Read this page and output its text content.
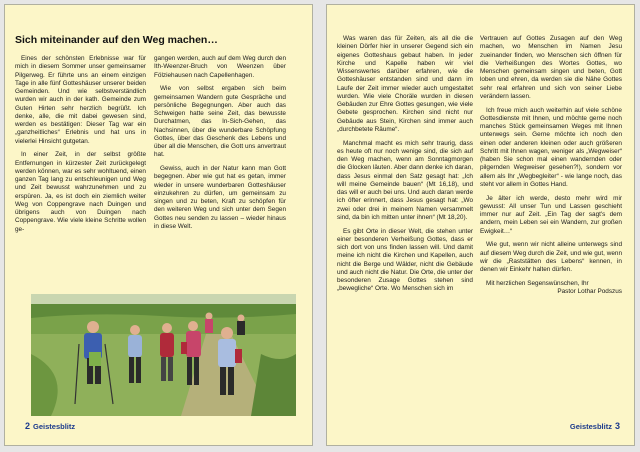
Sich miteinander auf den Weg machen…

Eines der schönsten Erlebnisse war für mich in diesem Sommer unser gemeinsamer Pilgerweg. Er führte uns an einem einzigen Tage in alle fünf Gotteshäuser unserer beiden Gemeinden. Und wie selbstverständlich wurden wir auch in der kath. Gemeinde zum Guten Hirten sehr herzlich begrüßt. Ich denke, alle, die mit dabei gewesen sind, werden es bestätigen: Dieser Tag war ein „ganzheitliches“ Erlebnis und hat uns in vielerlei Hinsicht gutgetan.

In einer Zeit, in der selbst größte Entfernungen in kürzester Zeit zurückgelegt werden können, war es sehr wohltuend, einen ganzen Tag lang zu entschleunigen und Weg und Zeit bewusst wahrzunehmen und zu erspüren. Ja, es ist doch ein ziemlich weiter Weg von Coppengrave nach Duingen und übrigens auch von Duingen nach Coppengrave. Wie viele kleine Schritte wollen ge-

gangen werden, auch auf dem Weg durch den Ith-Weenzer-Bruch von Weenzen über Fölziehausen nach Capellenhagen.

Wie von selbst ergaben sich beim gemeinsamen Wandern gute Gespräche und persönliche Begegnungen. Aber auch das Schweigen hatte seine Zeit, das bewusste Durchatmen, das In-Sich-Gehen, das Nachsinnen, über die wunderbare Schöpfung Gottes, über das Geschenk des Lebens und über all die Menschen, die Gott uns anvertraut hat.

Gewiss, auch in der Natur kann man Gott begegnen. Aber wie gut hat es getan, immer wieder in unsere wunderbaren Gotteshäuser einzukehren zu dürfen, um gemeinsam zu singen und zu beten, Kraft zu schöpfen für den weiteren Weg und sich unter dem Segen Gottes neu senden zu lassen – wieder hinaus in diese Welt.

2 Geistesblitz

Was waren das für Zeiten, als all die die kleinen Dörfer hier in unserer Gegend sich ein eigenes Gotteshaus gebaut haben. In jeder Kirche und Kapelle haben wir viel Wissenswertes darüber erfahren, wie die Gotteshäuser entstanden sind und dann im Laufe der Zeit immer wieder auch umgestaltet wurden. Wie viele Choräle wurden in diesen Gebäuden zur Ehre Gottes gesungen, wie viele Gebete gesprochen. Kirchen sind nicht nur Gebäude aus Stein, Kirchen sind immer auch „durchbetete Räume“.

Manchmal macht es mich sehr traurig, dass es heute oft nur noch wenige sind, die sich auf den Weg machen, wenn am Sonntagmorgen die Glocken läuten. Aber dann denke ich daran, dass Jesus einmal den Satz gesagt hat: „Ich will meine Gemeinde bauen“ (Mt 16,18), und das will er auch bei uns. Und auch daran werde ich öfter erinnert, dass Jesus gesagt hat: „Wo zwei oder drei in meinem Namen versammelt sind, da bin ich mitten unter ihnen“ (Mt 18,20).

Es gibt Orte in dieser Welt, die stehen unter einer besonderen Verheißung Gottes, dass er sich dort von uns finden lassen will. Und damit meine ich nicht die Kirchen und Kapellen, auch nicht die Berge und Wälder, nicht die Gebäude und auch nicht die Natur. Die Orte, die unter der besonderen Zusage Gottes stehen sind „bewegliche“ Orte. Wo Menschen sich im

Vertrauen auf Gottes Zusagen auf den Weg machen, wo Menschen im Namen Jesu zueinander finden, wo Menschen sich öffnen für die Verheißungen des Wortes Gottes, wo Menschen gemeinsam singen und beten, Gott loben und ehren, da werden sie die Nähe Gottes sehr real erfahren und sich von seiner Liebe verändern lassen.

Ich freue mich auch weiterhin auf viele schöne Gottesdienste mit Ihnen, und möchte gerne noch manches Stück gemeinsamen Weges mit Ihnen unterwegs sein. Gerne möchte ich noch den einen oder anderen kleinen oder auch größeren Schritt mit Ihnen wagen, weniger als „Wegweiser“ (haben Sie schon mal einen wandernden oder pilgernden Wegweiser gesehen?!), sondern vor allem als Ihr „Wegbegleiter“ - wie lange noch, das steht vor allem in Gottes Hand.

Je älter ich werde, desto mehr wird mir gewusst: All unser Tun und Lassen geschieht immer nur auf Zeit. „Ein Tag der sagt's dem andern, mein Leben sei ein Wandern, zur großen Ewigkeit…“

Wie gut, wenn wir nicht alleine unterwegs sind auf diesem Weg durch die Zeit, und wie gut, wenn wir die „Raststätten des Lebens“ kennen, in denen wir Einkehr halten dürfen.

Mit herzlichen Segenswünschen, Ihr

Pastor Lothar Podszus

Geistesblitz 3
